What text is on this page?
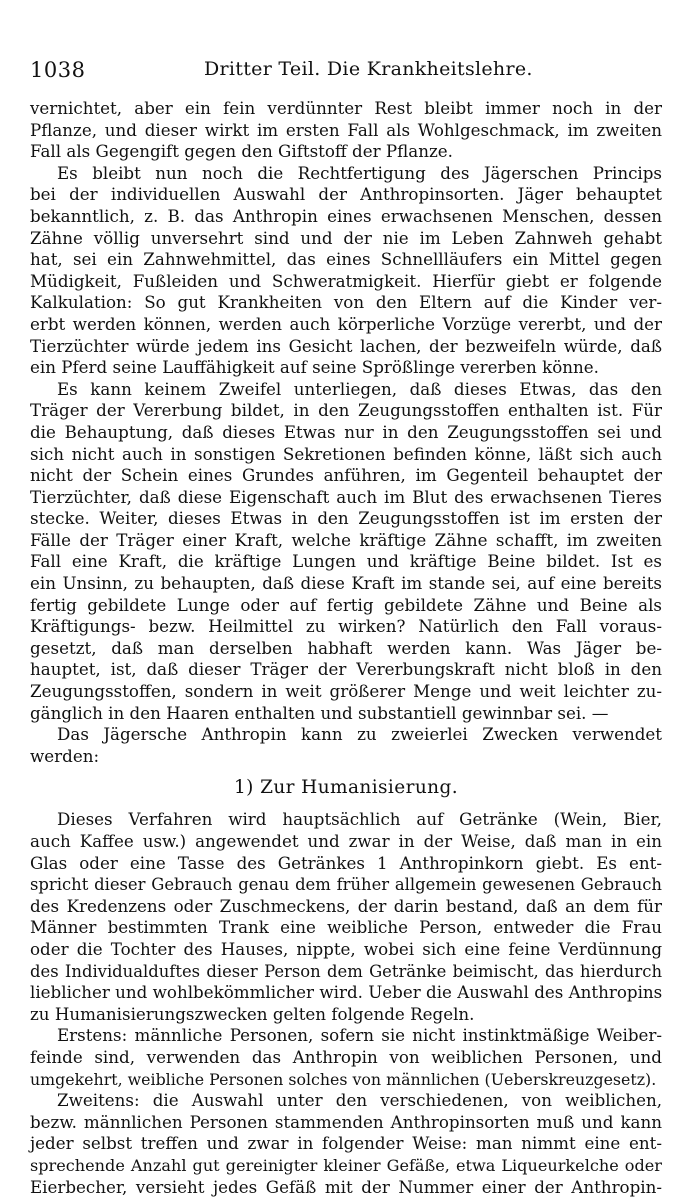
1038	Dritter Teil. Die Krankheitslehre.
vernichtet, aber ein fein verdünnter Rest bleibt immer noch in der
Pflanze, und dieser wirkt im ersten Fall als Wohlgeschmack, im zweiten
Fall als Gegengift gegen den Giftstoff der Pflanze.
Es bleibt nun noch die Rechtfertigung des Jägerschen Princips
bei der individuellen Auswahl der Anthropinsorten. Jäger behauptet
bekanntlich, z. B. das Anthropin eines erwachsenen Menschen, dessen
Zähne völlig unversehrt sind und der nie im Leben Zahnweh gehabt
hat, sei ein Zahnwehmittel, das eines Schnellläufers ein Mittel gegen
Müdigkeit, Fußleiden und Schweratmigkeit. Hierfür giebt er folgende
Kalkulation: So gut Krankheiten von den Eltern auf die Kinder ver-
erbt werden können, werden auch körperliche Vorzüge vererbt, und der
Tierzüchter würde jedem ins Gesicht lachen, der bezweifeln würde, daß
ein Pferd seine Lauffähigkeit auf seine Sprößlinge vererben könne.
Es kann keinem Zweifel unterliegen, daß dieses Etwas, das den
Träger der Vererbung bildet, in den Zeugungsstoffen enthalten ist. Für
die Behauptung, daß dieses Etwas nur in den Zeugungsstoffen sei und
sich nicht auch in sonstigen Sekretionen befinden könne, läßt sich auch
nicht der Schein eines Grundes anführen, im Gegenteil behauptet der
Tierzüchter, daß diese Eigenschaft auch im Blut des erwachsenen Tieres
stecke. Weiter, dieses Etwas in den Zeugungsstoffen ist im ersten der
Fälle der Träger einer Kraft, welche kräftige Zähne schafft, im zweiten
Fall eine Kraft, die kräftige Lungen und kräftige Beine bildet. Ist es
ein Unsinn, zu behaupten, daß diese Kraft im stande sei, auf eine bereits
fertig gebildete Lunge oder auf fertig gebildete Zähne und Beine als
Kräftigungs- bezw. Heilmittel zu wirken? Natürlich den Fall voraus-
gesetzt, daß man derselben habhaft werden kann. Was Jäger be-
hauptet, ist, daß dieser Träger der Vererbungskraft nicht bloß in den
Zeugungsstoffen, sondern in weit größerer Menge und weit leichter zu-
gänglich in den Haaren enthalten und substantiell gewinnbar sei. —
Das Jägersche Anthropin kann zu zweierlei Zwecken verwendet
werden:
1) Zur Humanisierung.
Dieses Verfahren wird hauptsächlich auf Getränke (Wein, Bier,
auch Kaffee usw.) angewendet und zwar in der Weise, daß man in ein
Glas oder eine Tasse des Getränkes 1 Anthropinkorn giebt. Es ent-
spricht dieser Gebrauch genau dem früher allgemein gewesenen Gebrauch
des Kredenzens oder Zuschmeckens, der darin bestand, daß an dem für
Männer bestimmten Trank eine weibliche Person, entweder die Frau
oder die Tochter des Hauses, nippte, wobei sich eine feine Verdünnung
des Individualduftes dieser Person dem Getränke beimischt, das hierdurch
lieblicher und wohlbekömmlicher wird. Ueber die Auswahl des Anthropins
zu Humanisierungszwecken gelten folgende Regeln.
Erstens: männliche Personen, sofern sie nicht instinktmäßige Weiber-
feinde sind, verwenden das Anthropin von weiblichen Personen, und
umgekehrt, weibliche Personen solches von männlichen (Ueberskreuzgesetz).
Zweitens: die Auswahl unter den verschiedenen, von weiblichen,
bezw. männlichen Personen stammenden Anthropinsorten muß und kann
jeder selbst treffen und zwar in folgender Weise: man nimmt eine ent-
sprechende Anzahl gut gereinigter kleiner Gefäße, etwa Liqueurkelche oder
Eierbecher, versieht jedes Gefäß mit der Nummer einer der Anthropin-
